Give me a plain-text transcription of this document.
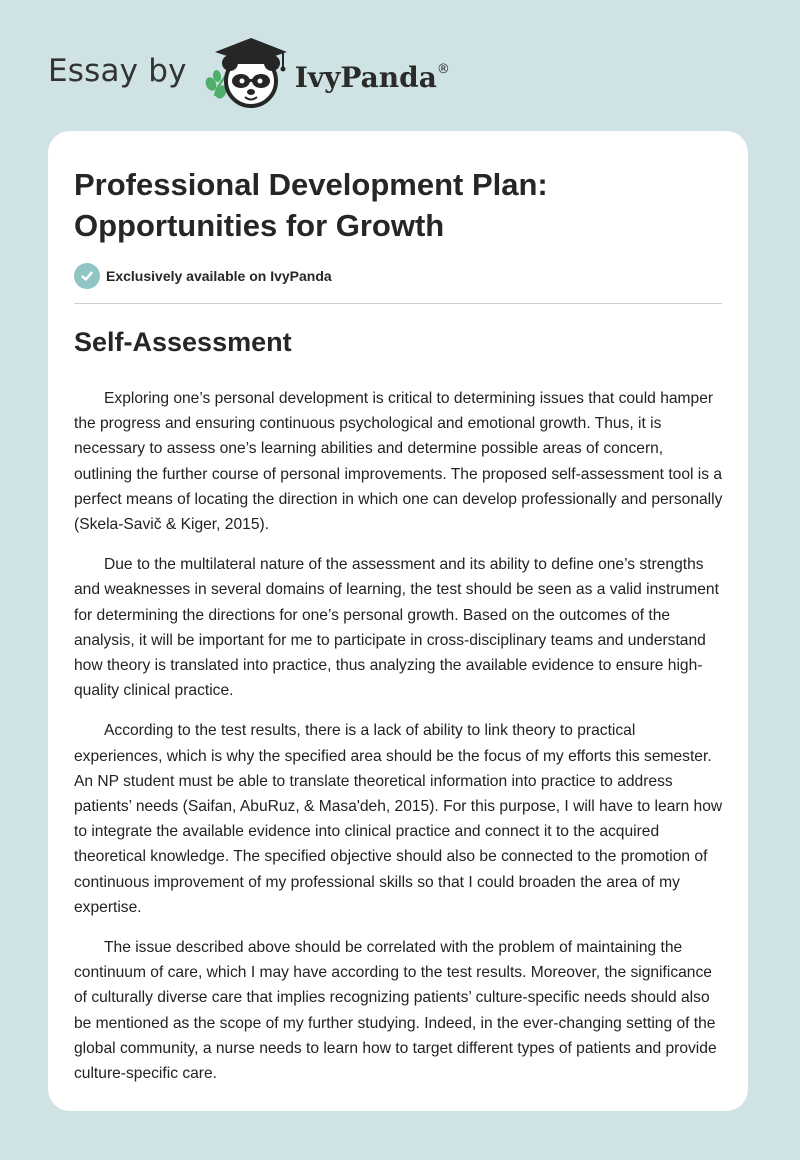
Essay by	IvyPanda®
Professional Development Plan: Opportunities for Growth
Exclusively available on IvyPanda
Self-Assessment

Exploring one’s personal development is critical to determining issues that could hamper the progress and ensuring continuous psychological and emotional growth. Thus, it is necessary to assess one’s learning abilities and determine possible areas of concern, outlining the further course of personal improvements. The proposed self-assessment tool is a perfect means of locating the direction in which one can develop professionally and personally (Skela-Savič & Kiger, 2015).

Due to the multilateral nature of the assessment and its ability to define one’s strengths and weaknesses in several domains of learning, the test should be seen as a valid instrument for determining the directions for one’s personal growth. Based on the outcomes of the analysis, it will be important for me to participate in cross-disciplinary teams and understand how theory is translated into practice, thus analyzing the available evidence to ensure high-quality clinical practice.

According to the test results, there is a lack of ability to link theory to practical experiences, which is why the specified area should be the focus of my efforts this semester. An NP student must be able to translate theoretical information into practice to address patients’ needs (Saifan, AbuRuz, & Masa'deh, 2015). For this purpose, I will have to learn how to integrate the available evidence into clinical practice and connect it to the acquired theoretical knowledge. The specified objective should also be connected to the promotion of continuous improvement of my professional skills so that I could broaden the area of my expertise.

The issue described above should be correlated with the problem of maintaining the continuum of care, which I may have according to the test results. Moreover, the significance of culturally diverse care that implies recognizing patients’ culture-specific needs should also be mentioned as the scope of my further studying. Indeed, in the ever-changing setting of the global community, a nurse needs to learn how to target different types of patients and provide culture-specific care.
